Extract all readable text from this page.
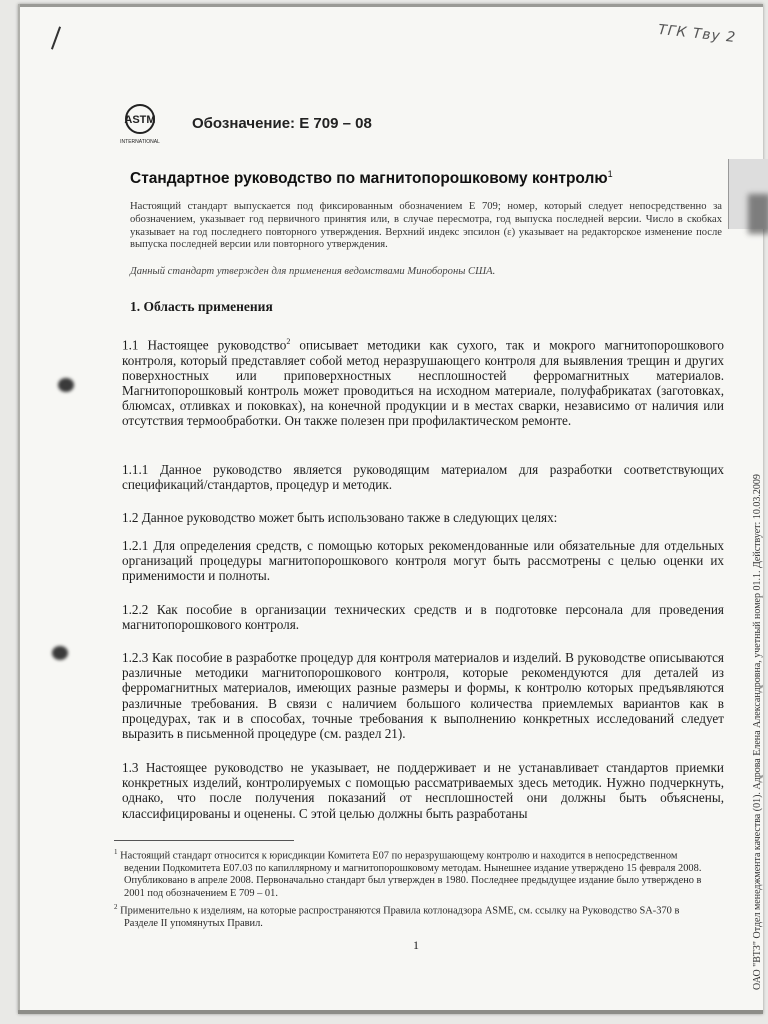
ТГК Тву 2
ASTM
INTERNATIONAL
Обозначение: Е 709 – 08
Стандартное руководство по магнитопорошковому контролю$^1$
Настоящий стандарт выпускается под фиксированным обозначением Е 709; номер, который следует непосредственно за обозначением, указывает год первичного принятия или, в случае пересмотра, год выпуска последней версии. Число в скобках указывает на год последнего повторного утверждения. Верхний индекс эпсилон (ε) указывает на редакторское изменение после выпуска последней версии или повторного утверждения.
Данный стандарт утвержден для применения ведомствами Минобороны США.
1. Область применения
1.1 Настоящее руководство$^2$ описывает методики как сухого, так и мокрого магнитопорошкового контроля, который представляет собой метод неразрушающего контроля для выявления трещин и других поверхностных или приповерхностных несплошностей ферромагнитных материалов. Магнитопорошковый контроль может проводиться на исходном материале, полуфабрикатах (заготовках, блюмсах, отливках и поковках), на конечной продукции и в местах сварки, независимо от наличия или отсутствия термообработки. Он также полезен при профилактическом ремонте.
1.1.1 Данное руководство является руководящим материалом для разработки соответствующих спецификаций/стандартов, процедур и методик.
1.2 Данное руководство может быть использовано также в следующих целях:
1.2.1 Для определения средств, с помощью которых рекомендованные или обязательные для отдельных организаций процедуры магнитопорошкового контроля могут быть рассмотрены с целью оценки их применимости и полноты.
1.2.2 Как пособие в организации технических средств и в подготовке персонала для проведения магнитопорошкового контроля.
1.2.3 Как пособие в разработке процедур для контроля материалов и изделий. В руководстве описываются различные методики магнитопорошкового контроля, которые рекомендуются для деталей из ферромагнитных материалов, имеющих разные размеры и формы, к контролю которых предъявляются различные требования. В связи с наличием большого количества приемлемых вариантов как в процедурах, так и в способах, точные требования к выполнению конкретных исследований следует выразить в письменной процедуре (см. раздел 21).
1.3 Настоящее руководство не указывает, не поддерживает и не устанавливает стандартов приемки конкретных изделий, контролируемых с помощью рассматриваемых здесь методик. Нужно подчеркнуть, однако, что после получения показаний от несплошностей они должны быть объяснены, классифицированы и оценены. С этой целью должны быть разработаны

$^1$ Настоящий стандарт относится к юрисдикции Комитета Е07 по неразрушающему контролю и находится в непосредственном ведении Подкомитета Е07.03 по капиллярному и магнитопорошковому методам. Нынешнее издание утверждено 15 февраля 2008. Опубликовано в апреле 2008. Первоначально стандарт был утвержден в 1980. Последнее предыдущее издание было утверждено в 2001 под обозначением Е 709 – 01.

$^2$ Применительно к изделиям, на которые распространяются Правила котлонадзора ASME, см. ссылку на Руководство SA-370 в Разделе II упомянутых Правил.

1	ОАО "ВТЗ" Отдел менеджмента качества (01). Адрова Елена Александровна, учетный номер 01.1. Действует: 10.03.2009
